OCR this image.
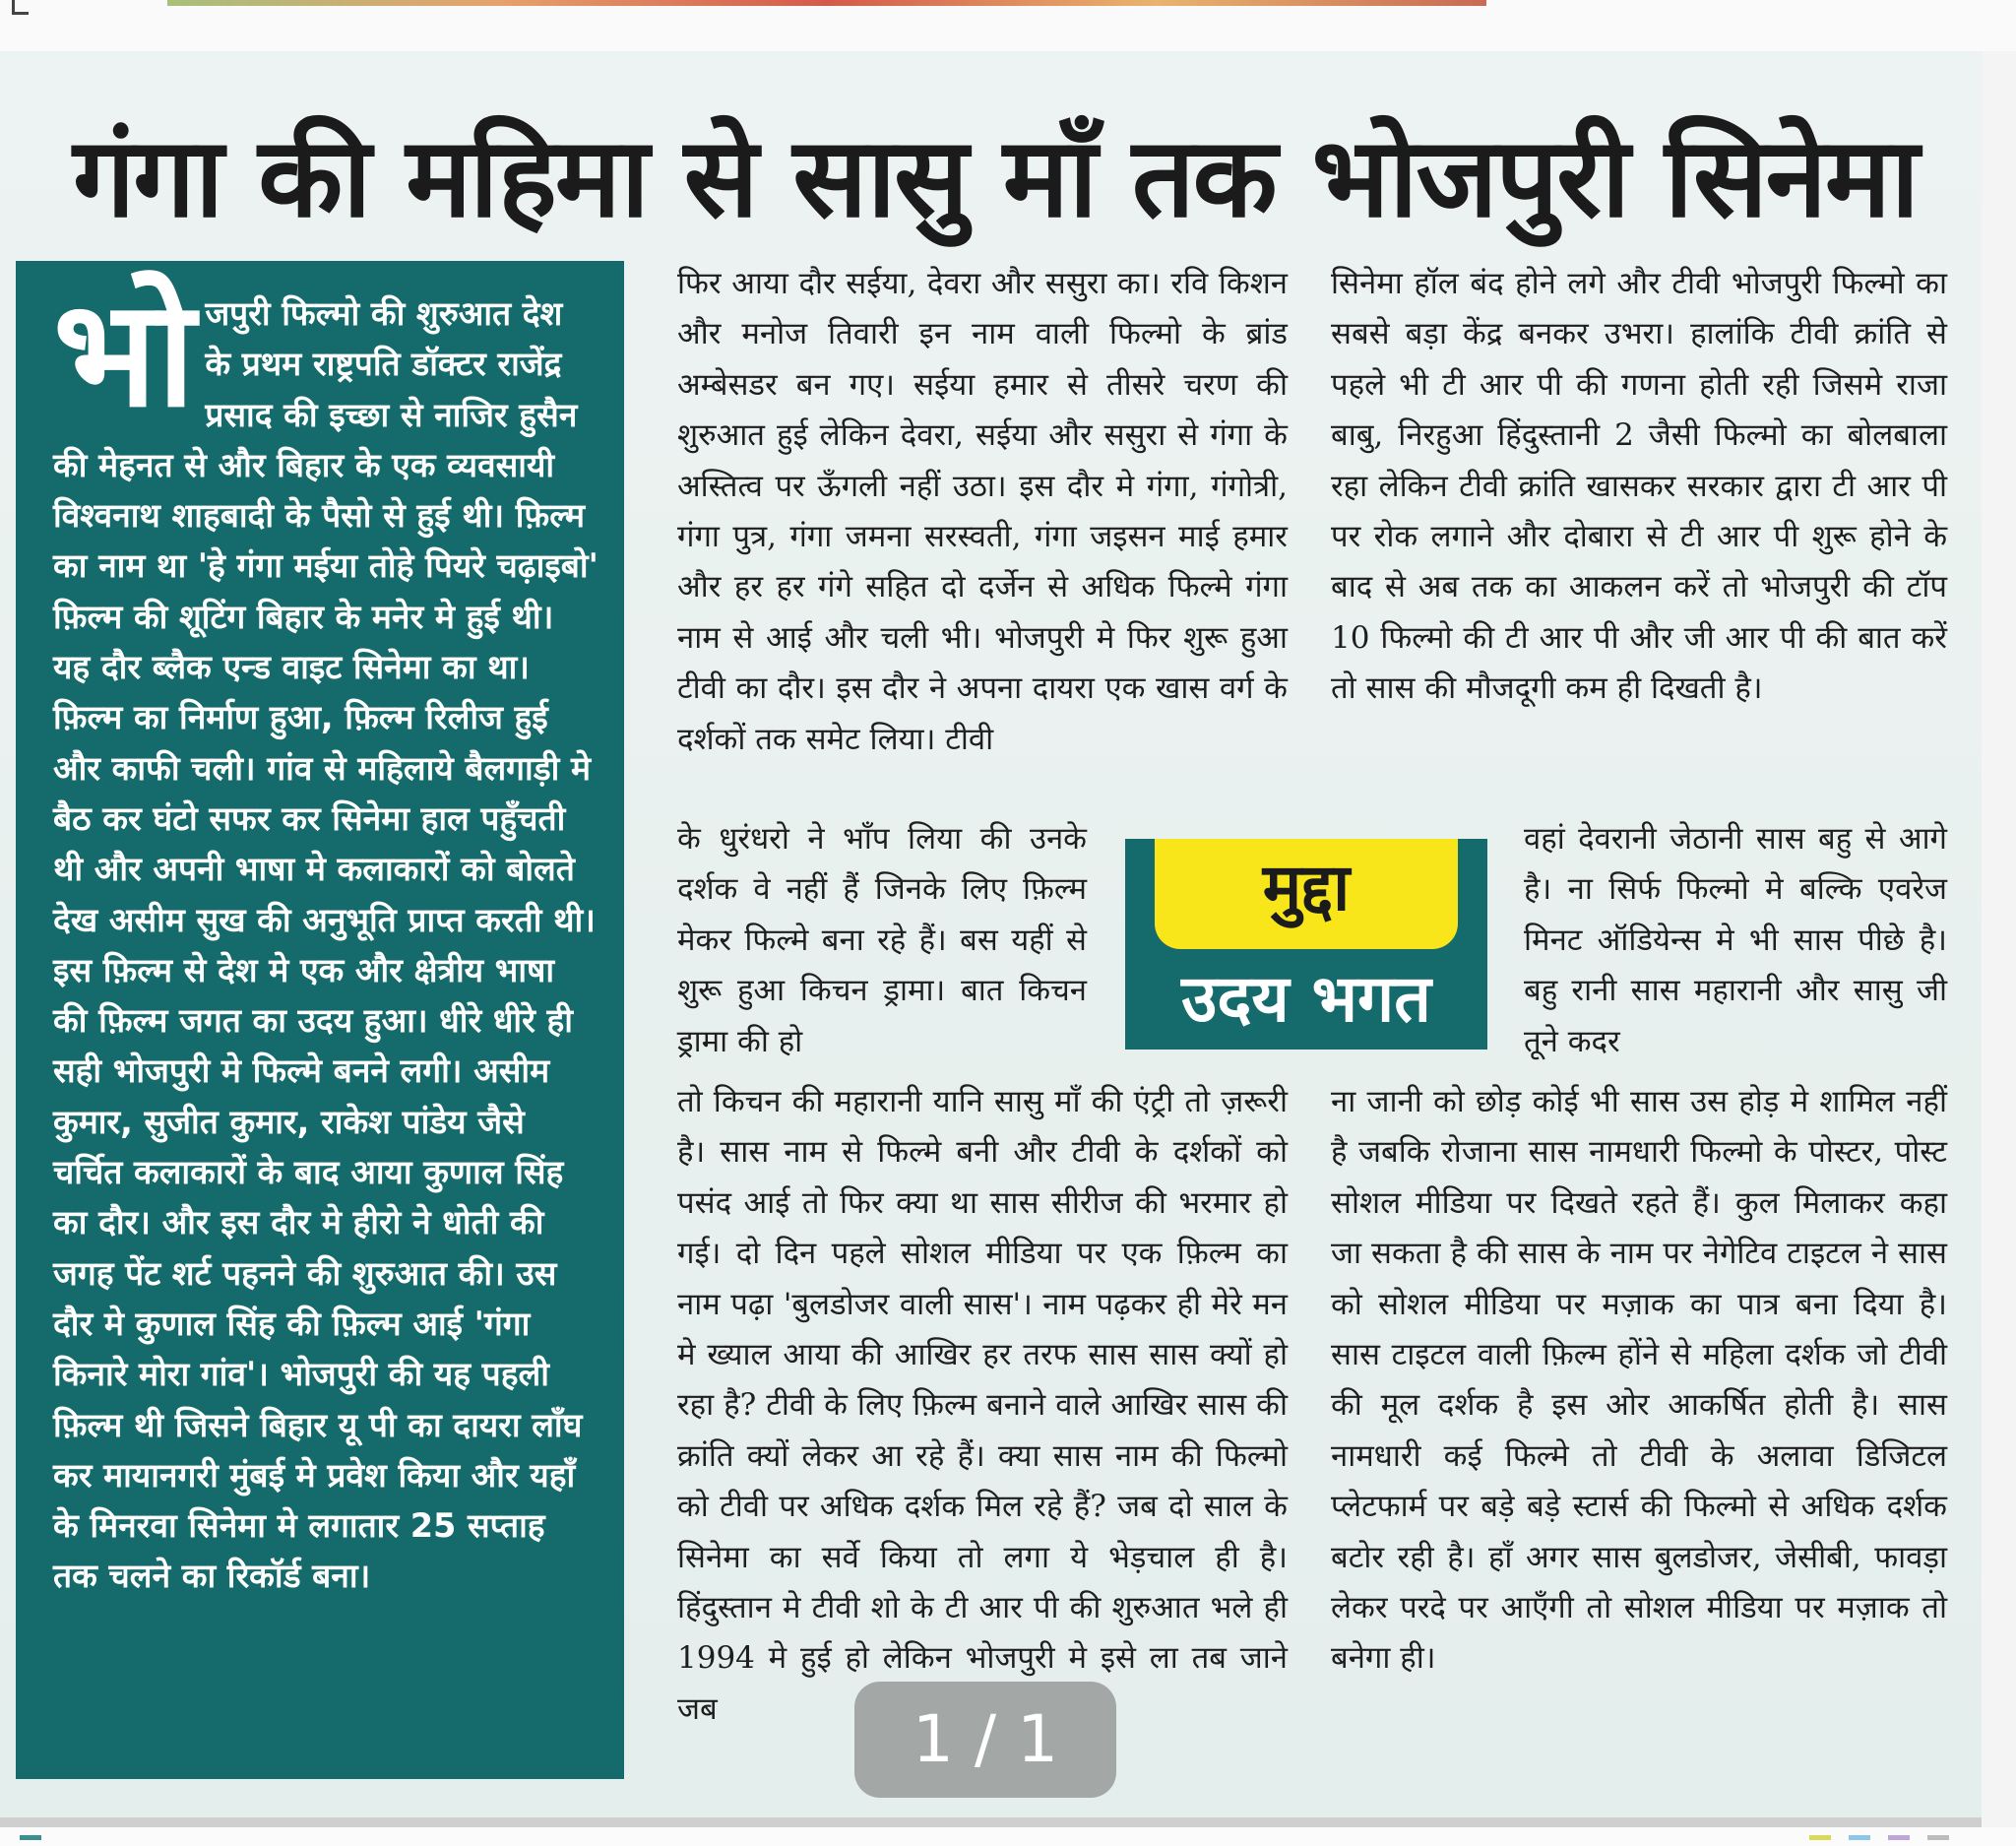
गंगा की महिमा से सासु माँ तक भोजपुरी सिनेमा
भो जपुरी फिल्मो की शुरुआत देश के प्रथम राष्ट्रपति डॉक्टर राजेंद्र प्रसाद की इच्छा से नाजिर हुसैन की मेहनत से और बिहार के एक व्यवसायी विश्वनाथ शाहबादी के पैसो से हुई थी। फ़िल्म का नाम था 'हे गंगा मईया तोहे पियरे चढ़ाइबो' फ़िल्म की शूटिंग बिहार के मनेर मे हुई थी। यह दौर ब्लैक एन्ड वाइट सिनेमा का था। फ़िल्म का निर्माण हुआ, फ़िल्म रिलीज हुई और काफी चली। गांव से महिलाये बैलगाड़ी मे बैठ कर घंटो सफर कर सिनेमा हाल पहुँचती थी और अपनी भाषा मे कलाकारों को बोलते देख असीम सुख की अनुभूति प्राप्त करती थी। इस फ़िल्म से देश मे एक और क्षेत्रीय भाषा की फ़िल्म जगत का उदय हुआ। धीरे धीरे ही सही भोजपुरी मे फिल्मे बनने लगी। असीम कुमार, सुजीत कुमार, राकेश पांडेय जैसे चर्चित कलाकारों के बाद आया कुणाल सिंह का दौर। और इस दौर मे हीरो ने धोती की जगह पेंट शर्ट पहनने की शुरुआत की। उस दौर मे कुणाल सिंह की फ़िल्म आई 'गंगा किनारे मोरा गांव'। भोजपुरी की यह पहली फ़िल्म थी जिसने बिहार यू पी का दायरा लाँघ कर मायानगरी मुंबई मे प्रवेश किया और यहाँ के मिनरवा सिनेमा मे लगातार 25 सप्ताह तक चलने का रिकॉर्ड बना।

फिर आया दौर सईया, देवरा और ससुरा का। रवि किशन और मनोज तिवारी इन नाम वाली फिल्मो के ब्रांड अम्बेसडर बन गए। सईया हमार से तीसरे चरण की शुरुआत हुई लेकिन देवरा, सईया और ससुरा से गंगा के अस्तित्व पर ऊँगली नहीं उठा। इस दौर मे गंगा, गंगोत्री, गंगा पुत्र, गंगा जमना सरस्वती, गंगा जइसन माई हमार और हर हर गंगे सहित दो दर्जेन से अधिक फिल्मे गंगा नाम से आई और चली भी। भोजपुरी मे फिर शुरू हुआ टीवी का दौर। इस दौर ने अपना दायरा एक खास वर्ग के दर्शकों तक समेट लिया। टीवी

के धुरंधरो ने भाँप लिया की उनके दर्शक वे नहीं हैं जिनके लिए फ़िल्म मेकर फिल्मे बना रहे हैं। बस यहीं से शुरू हुआ किचन ड्रामा। बात किचन ड्रामा की हो

तो किचन की महारानी यानि सासु माँ की एंट्री तो ज़रूरी है। सास नाम से फिल्मे बनी और टीवी के दर्शकों को पसंद आई तो फिर क्या था सास सीरीज की भरमार हो गई। दो दिन पहले सोशल मीडिया पर एक फ़िल्म का नाम पढ़ा 'बुलडोजर वाली सास'। नाम पढ़कर ही मेरे मन मे ख्याल आया की आखिर हर तरफ सास सास क्यों हो रहा है? टीवी के लिए फ़िल्म बनाने वाले आखिर सास की क्रांति क्यों लेकर आ रहे हैं। क्या सास नाम की फिल्मो को टीवी पर अधिक दर्शक मिल रहे हैं? जब दो साल के सिनेमा का सर्वे किया तो लगा ये भेड़चाल ही है। हिंदुस्तान मे टीवी शो के टी आर पी की शुरुआत भले ही 1994 मे हुई हो लेकिन भोजपुरी मे इसे ला तब जाने जब

सिनेमा हॉल बंद होने लगे और टीवी भोजपुरी फिल्मो का सबसे बड़ा केंद्र बनकर उभरा। हालांकि टीवी क्रांति से पहले भी टी आर पी की गणना होती रही जिसमे राजा बाबु, निरहुआ हिंदुस्तानी 2 जैसी फिल्मो का बोलबाला रहा लेकिन टीवी क्रांति खासकर सरकार द्वारा टी आर पी पर रोक लगाने और दोबारा से टी आर पी शुरू होने के बाद से अब तक का आकलन करें तो भोजपुरी की टॉप 10 फिल्मो की टी आर पी और जी आर पी की बात करें तो सास की मौजदूगी कम ही दिखती है।

वहां देवरानी जेठानी सास बहु से आगे है। ना सिर्फ फिल्मो मे बल्कि एवरेज मिनट ऑडियेन्स मे भी सास पीछे है। बहु रानी सास महारानी और सासु जी तूने कदर

ना जानी को छोड़ कोई भी सास उस होड़ मे शामिल नहीं है जबकि रोजाना सास नामधारी फिल्मो के पोस्टर, पोस्ट सोशल मीडिया पर दिखते रहते हैं। कुल मिलाकर कहा जा सकता है की सास के नाम पर नेगेटिव टाइटल ने सास को सोशल मीडिया पर मज़ाक का पात्र बना दिया है। सास टाइटल वाली फ़िल्म होंने से महिला दर्शक जो टीवी की मूल दर्शक है इस ओर आकर्षित होती है। सास नामधारी कई फिल्मे तो टीवी के अलावा डिजिटल प्लेटफार्म पर बड़े बड़े स्टार्स की फिल्मो से अधिक दर्शक बटोर रही है। हाँ अगर सास बुलडोजर, जेसीबी, फावड़ा लेकर परदे पर आएँगी तो सोशल मीडिया पर मज़ाक तो बनेगा ही।

मुद्दा
उदय भगत
1 / 1
